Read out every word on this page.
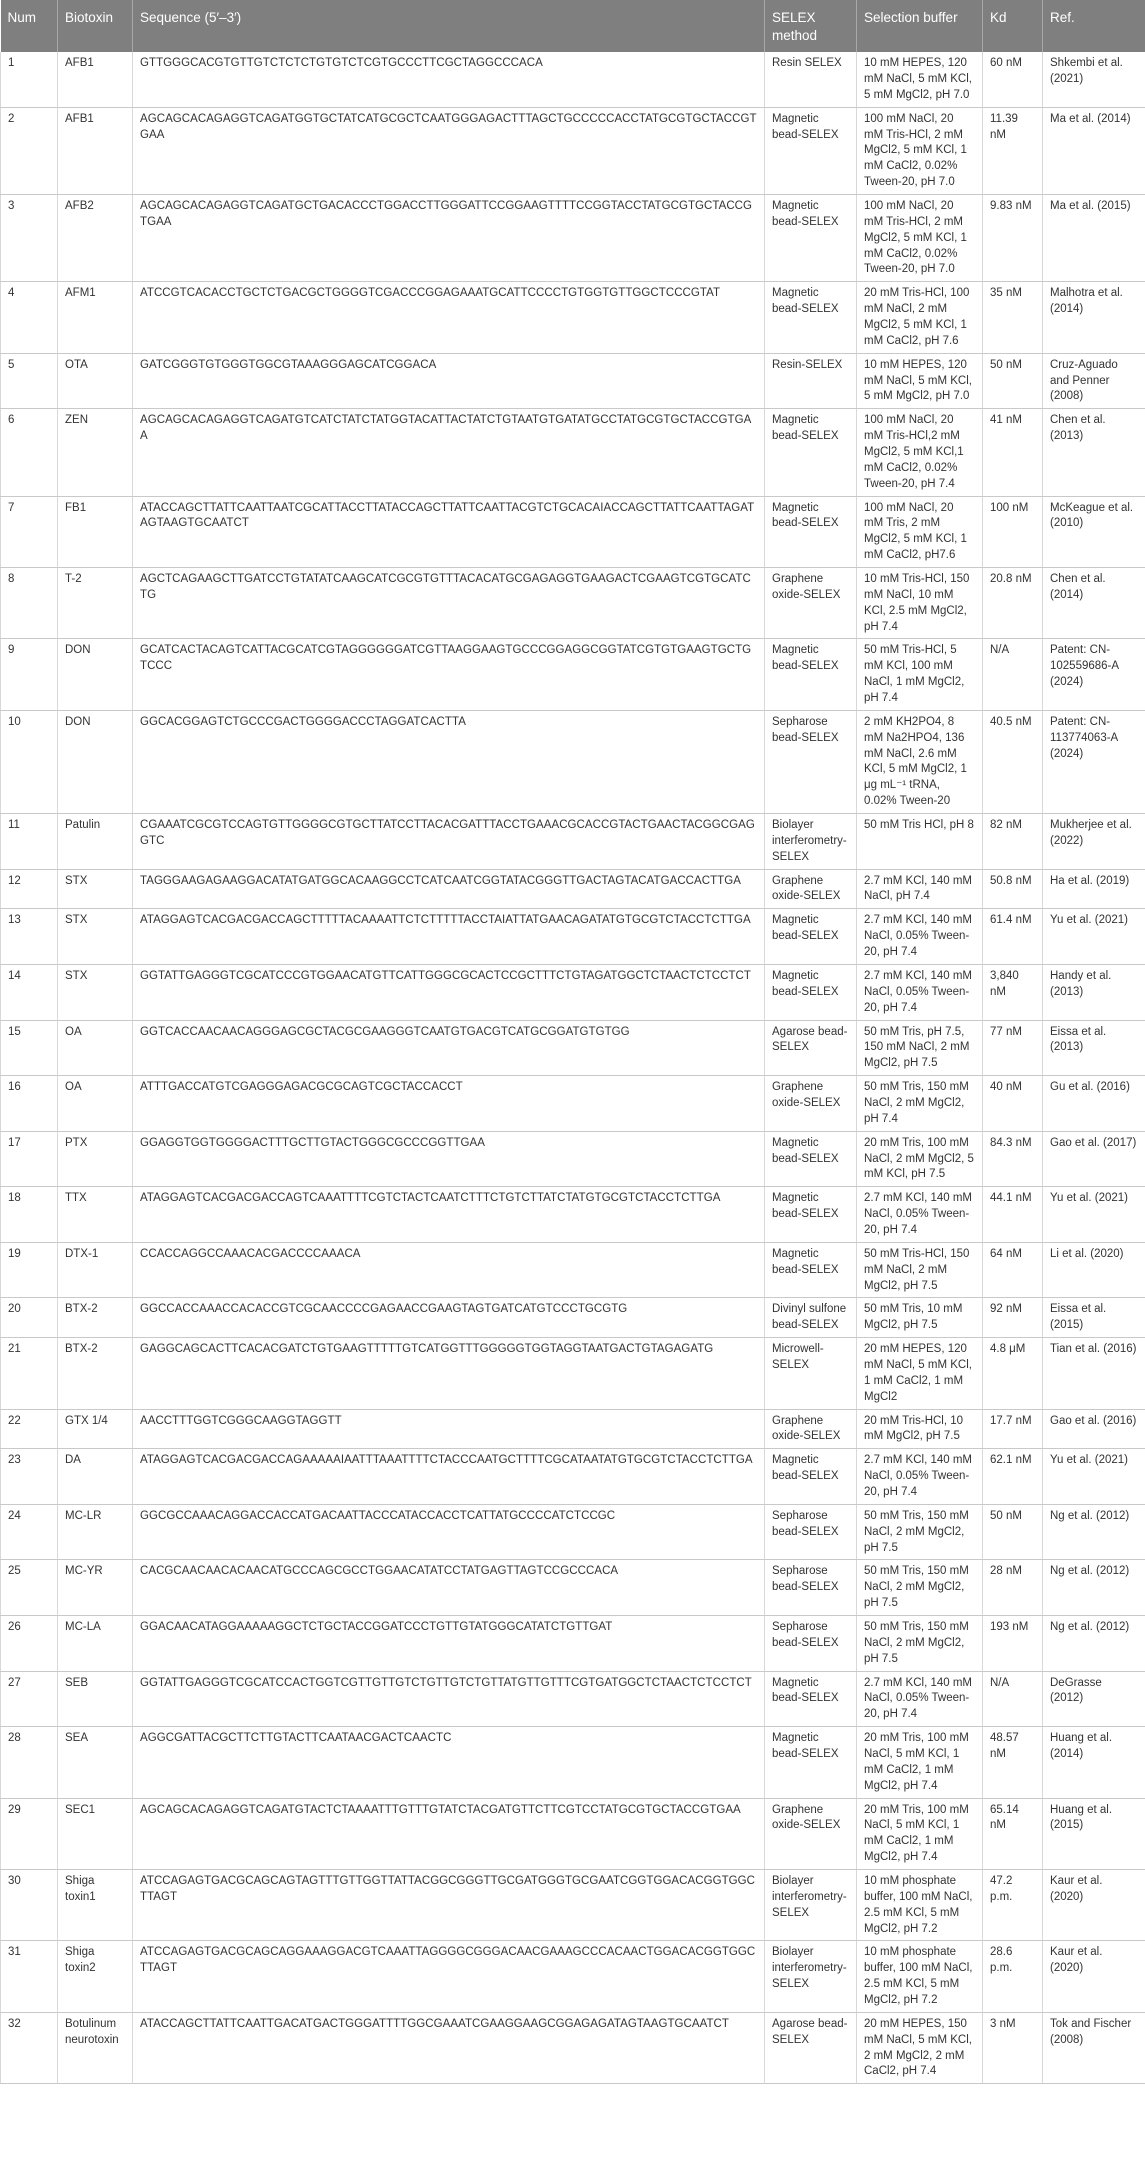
Num	Biotoxin	Sequence (5′–3′)	SELEX method	Selection buffer	Kd	Ref.
1	AFB1	GTTGGGCACGTGTTGTCTCTCTGTGTCTCGTGCCCTTCGCTAGGCCCACA	Resin SELEX	10 mM HEPES, 120 mM NaCl, 5 mM KCl, 5 mM MgCl2, pH 7.0	60 nM	Shkembi et al. (2021)
2	AFB1	AGCAGCACAGAGGTCAGATGGTGCTATCATGCGCTCAATGGGAGACTTTAGCTGCCCCCACCTATGCGTGCTACCGTGAA	Magnetic bead-SELEX	100 mM NaCl, 20 mM Tris-HCl, 2 mM MgCl2, 5 mM KCl, 1 mM CaCl2, 0.02% Tween-20, pH 7.0	11.39 nM	Ma et al. (2014)
3	AFB2	AGCAGCACAGAGGTCAGATGCTGACACCCTGGACCTTGGGATTCCGGAAGTTTTCCGGTACCTATGCGTGCTACCGTGAA	Magnetic bead-SELEX	100 mM NaCl, 20 mM Tris-HCl, 2 mM MgCl2, 5 mM KCl, 1 mM CaCl2, 0.02% Tween-20, pH 7.0	9.83 nM	Ma et al. (2015)
4	AFM1	ATCCGTCACACCTGCTCTGACGCTGGGGTCGACCCGGAGAAATGCATTCCCCTGTGGTGTTGGCTCCCGTAT	Magnetic bead-SELEX	20 mM Tris-HCl, 100 mM NaCl, 2 mM MgCl2, 5 mM KCl, 1 mM CaCl2, pH 7.6	35 nM	Malhotra et al. (2014)
5	OTA	GATCGGGTGTGGGTGGCGTAAAGGGAGCATCGGACA	Resin-SELEX	10 mM HEPES, 120 mM NaCl, 5 mM KCl, 5 mM MgCl2, pH 7.0	50 nM	Cruz-Aguado and Penner (2008)
6	ZEN	AGCAGCACAGAGGTCAGATGTCATCTATCTATGGTACATTACTATCTGTAATGTGATATGCCTATGCGTGCTACCGTGAA	Magnetic bead-SELEX	100 mM NaCl, 20 mM Tris-HCl,2 mM MgCl2, 5 mM KCl,1 mM CaCl2, 0.02% Tween-20, pH 7.4	41 nM	Chen et al. (2013)
7	FB1	ATACCAGCTTATTCAATTAATCGCATTACCTTATACCAGCTTATTCAATTACGTCTGCACAIACCAGCTTATTCAATTAGATAGTAAGTGCAATCT	Magnetic bead-SELEX	100 mM NaCl, 20 mM Tris, 2 mM MgCl2, 5 mM KCl, 1 mM CaCl2, pH7.6	100 nM	McKeague et al. (2010)
8	T-2	AGCTCAGAAGCTTGATCCTGTATATCAAGCATCGCGTGTTTACACATGCGAGAGGTGAAGACTCGAAGTCGTGCATCTG	Graphene oxide-SELEX	10 mM Tris-HCl, 150 mM NaCl, 10 mM KCl, 2.5 mM MgCl2, pH 7.4	20.8 nM	Chen et al. (2014)
9	DON	GCATCACTACAGTCATTACGCATCGTAGGGGGGATCGTTAAGGAAGTGCCCGGAGGCGGTATCGTGTGAAGTGCTGTCCC	Magnetic bead-SELEX	50 mM Tris-HCl, 5 mM KCl, 100 mM NaCl, 1 mM MgCl2, pH 7.4	N/A	Patent: CN-102559686-A (2024)
10	DON	GGCACGGAGTCTGCCCGACTGGGGACCCTAGGATCACTTA	Sepharose bead-SELEX	2 mM KH2PO4, 8 mM Na2HPO4, 136 mM NaCl, 2.6 mM KCl, 5 mM MgCl2, 1 μg mL⁻¹ tRNA, 0.02% Tween-20	40.5 nM	Patent: CN-113774063-A (2024)
11	Patulin	CGAAATCGCGTCCAGTGTTGGGGCGTGCTTATCCTTACACGATTTACCTGAAACGCACCGTACTGAACTACGGCGAGGTC	Biolayer interferometry-SELEX	50 mM Tris HCl, pH 8	82 nM	Mukherjee et al. (2022)
12	STX	TAGGGAAGAGAAGGACATATGATGGCACAAGGCCTCATCAATCGGTATACGGGTTGACTAGTACATGACCACTTGA	Graphene oxide-SELEX	2.7 mM KCl, 140 mM NaCl, pH 7.4	50.8 nM	Ha et al. (2019)
13	STX	ATAGGAGTCACGACGACCAGCTTTTTACAAAATTCTCTTTTTACCTAIATTATGAACAGATATGTGCGTCTACCTCTTGA	Magnetic bead-SELEX	2.7 mM KCl, 140 mM NaCl, 0.05% Tween-20, pH 7.4	61.4 nM	Yu et al. (2021)
14	STX	GGTATTGAGGGTCGCATCCCGTGGAACATGTTCATTGGGCGCACTCCGCTTTCTGTAGATGGCTCTAACTCTCCTCT	Magnetic bead-SELEX	2.7 mM KCl, 140 mM NaCl, 0.05% Tween-20, pH 7.4	3,840 nM	Handy et al. (2013)
15	OA	GGTCACCAACAACAGGGAGCGCTACGCGAAGGGTCAATGTGACGTCATGCGGATGTGTGG	Agarose bead-SELEX	50 mM Tris, pH 7.5, 150 mM NaCl, 2 mM MgCl2, pH 7.5	77 nM	Eissa et al. (2013)
16	OA	ATTTGACCATGTCGAGGGAGACGCGCAGTCGCTACCACCT	Graphene oxide-SELEX	50 mM Tris, 150 mM NaCl, 2 mM MgCl2, pH 7.4	40 nM	Gu et al. (2016)
17	PTX	GGAGGTGGTGGGGACTTTGCTTGTACTGGGCGCCCGGTTGAA	Magnetic bead-SELEX	20 mM Tris, 100 mM NaCl, 2 mM MgCl2, 5 mM KCl, pH 7.5	84.3 nM	Gao et al. (2017)
18	TTX	ATAGGAGTCACGACGACCAGTCAAATTTTCGTCTACTCAATCTTTCTGTCTTATCTATGTGCGTCTACCTCTTGA	Magnetic bead-SELEX	2.7 mM KCl, 140 mM NaCl, 0.05% Tween-20, pH 7.4	44.1 nM	Yu et al. (2021)
19	DTX-1	CCACCAGGCCAAACACGACCCCAAACA	Magnetic bead-SELEX	50 mM Tris-HCl, 150 mM NaCl, 2 mM MgCl2, pH 7.5	64 nM	Li et al. (2020)
20	BTX-2	GGCCACCAAACCACACCGTCGCAACCCCGAGAACCGAAGTAGTGATCATGTCCCTGCGTG	Divinyl sulfone bead-SELEX	50 mM Tris, 10 mM MgCl2, pH 7.5	92 nM	Eissa et al. (2015)
21	BTX-2	GAGGCAGCACTTCACACGATCTGTGAAGTTTTTGTCATGGTTTGGGGGTGGTAGGTAATGACTGTAGAGATG	Microwell-SELEX	20 mM HEPES, 120 mM NaCl, 5 mM KCl, 1 mM CaCl2, 1 mM MgCl2	4.8 μM	Tian et al. (2016)
22	GTX 1/4	AACCTTTGGTCGGGCAAGGTAGGTT	Graphene oxide-SELEX	20 mM Tris-HCl, 10 mM MgCl2, pH 7.5	17.7 nM	Gao et al. (2016)
23	DA	ATAGGAGTCACGACGACCAGAAAAAIAATTTAAATTTTCTACCCAATGCTTTTCGCATAATATGTGCGTCTACCTCTTGA	Magnetic bead-SELEX	2.7 mM KCl, 140 mM NaCl, 0.05% Tween-20, pH 7.4	62.1 nM	Yu et al. (2021)
24	MC-LR	GGCGCCAAACAGGACCACCATGACAATTACCCATACCACCTCATTATGCCCCATCTCCGC	Sepharose bead-SELEX	50 mM Tris, 150 mM NaCl, 2 mM MgCl2, pH 7.5	50 nM	Ng et al. (2012)
25	MC-YR	CACGCAACAACACAACATGCCCAGCGCCTGGAACATATCCTATGAGTTAGTCCGCCCACA	Sepharose bead-SELEX	50 mM Tris, 150 mM NaCl, 2 mM MgCl2, pH 7.5	28 nM	Ng et al. (2012)
26	MC-LA	GGACAACATAGGAAAAAGGCTCTGCTACCGGATCCCTGTTGTATGGGCATATCTGTTGAT	Sepharose bead-SELEX	50 mM Tris, 150 mM NaCl, 2 mM MgCl2, pH 7.5	193 nM	Ng et al. (2012)
27	SEB	GGTATTGAGGGTCGCATCCACTGGTCGTTGTTGTCTGTTGTCTGTTATGTTGTTTCGTGATGGCTCTAACTCTCCTCT	Magnetic bead-SELEX	2.7 mM KCl, 140 mM NaCl, 0.05% Tween-20, pH 7.4	N/A	DeGrasse (2012)
28	SEA	AGGCGATTACGCTTCTTGTACTTCAATAACGACTCAACTC	Magnetic bead-SELEX	20 mM Tris, 100 mM NaCl, 5 mM KCl, 1 mM CaCl2, 1 mM MgCl2, pH 7.4	48.57 nM	Huang et al. (2014)
29	SEC1	AGCAGCACAGAGGTCAGATGTACTCTAAAATTTGTTTGTATCTACGATGTTCTTCGTCCTATGCGTGCTACCGTGAA	Graphene oxide-SELEX	20 mM Tris, 100 mM NaCl, 5 mM KCl, 1 mM CaCl2, 1 mM MgCl2, pH 7.4	65.14 nM	Huang et al. (2015)
30	Shiga toxin1	ATCCAGAGTGACGCAGCAGTAGTTTGTTGGTTATTACGGCGGGTTGCGATGGGTGCGAATCGGTGGACACGGTGGCTTAGT	Biolayer interferometry-SELEX	10 mM phosphate buffer, 100 mM NaCl, 2.5 mM KCl, 5 mM MgCl2, pH 7.2	47.2 p.m.	Kaur et al. (2020)
31	Shiga toxin2	ATCCAGAGTGACGCAGCAGGAAAGGACGTCAAATTAGGGGCGGGACAACGAAAGCCCACAACTGGACACGGTGGCTTAGT	Biolayer interferometry-SELEX	10 mM phosphate buffer, 100 mM NaCl, 2.5 mM KCl, 5 mM MgCl2, pH 7.2	28.6 p.m.	Kaur et al. (2020)
32	Botulinum neurotoxin	ATACCAGCTTATTCAATTGACATGACTGGGATTTTGGCGAAATCGAAGGAAGCGGAGAGATAGTAAGTGCAATCT	Agarose bead-SELEX	20 mM HEPES, 150 mM NaCl, 5 mM KCl, 2 mM MgCl2, 2 mM CaCl2, pH 7.4	3 nM	Tok and Fischer (2008)
